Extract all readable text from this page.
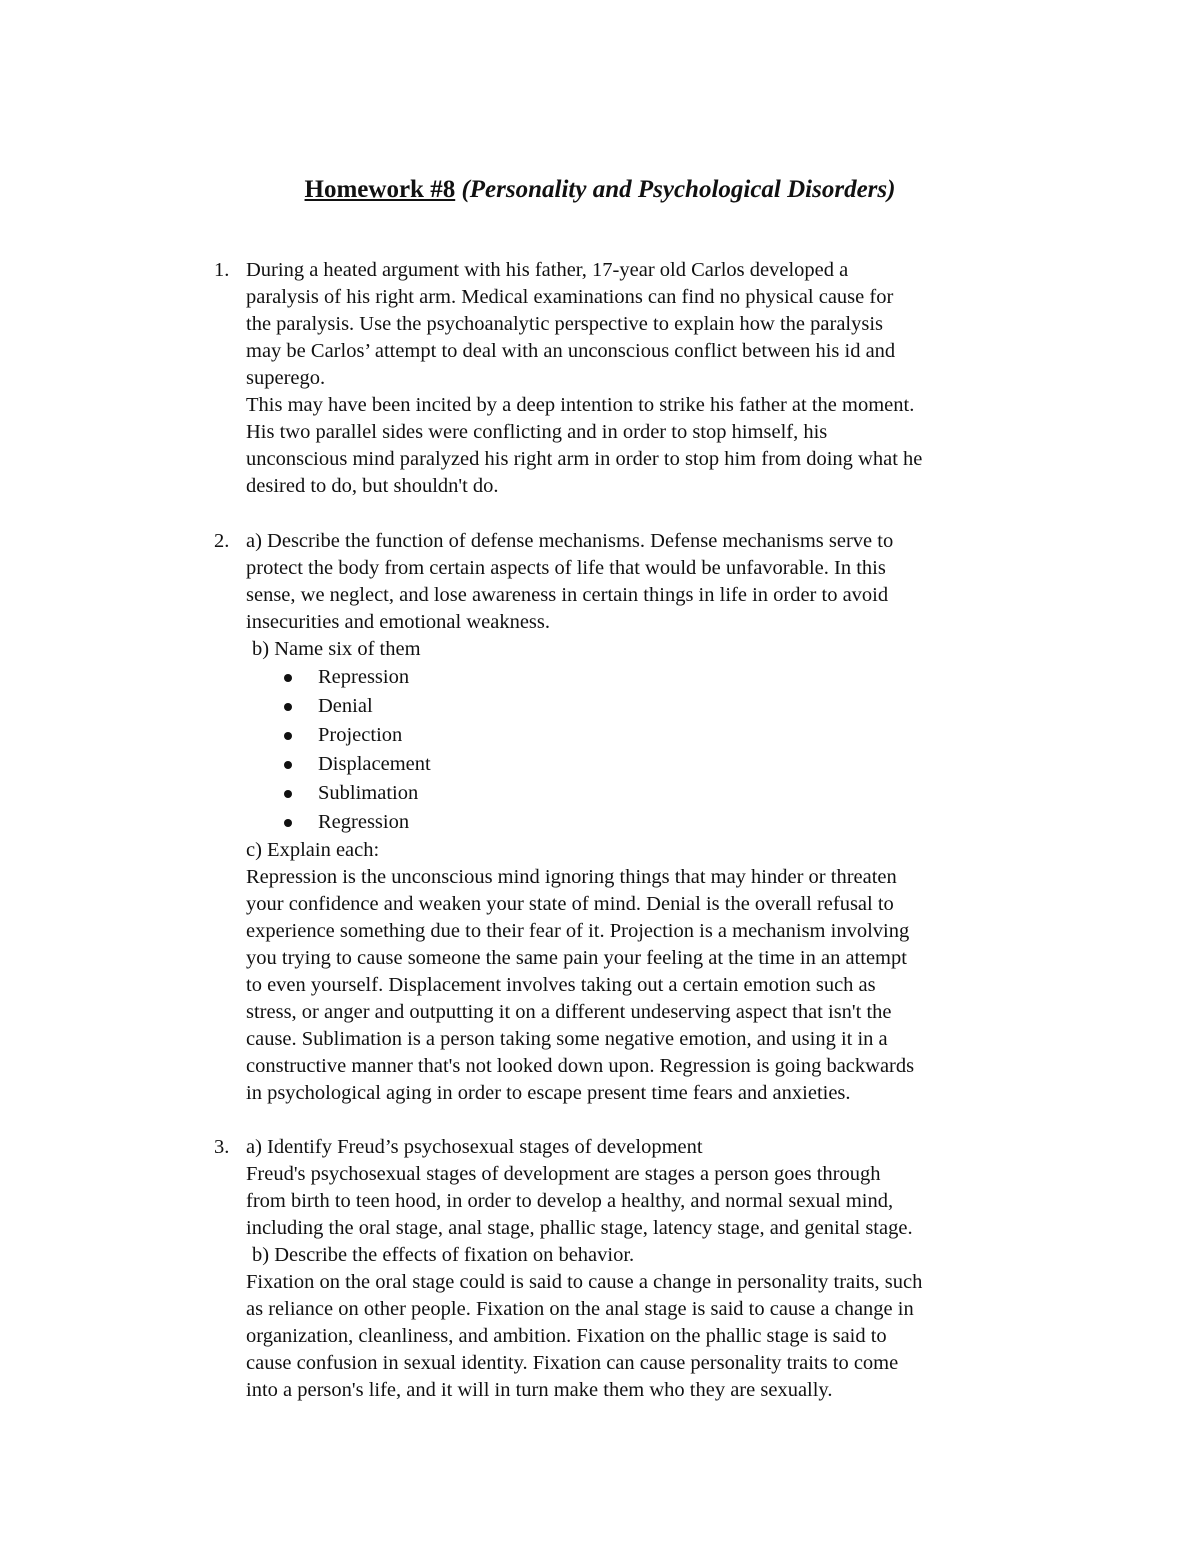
Homework #8 (Personality and Psychological Disorders)
1. During a heated argument with his father, 17-year old Carlos developed a
paralysis of his right arm. Medical examinations can find no physical cause for
the paralysis. Use the psychoanalytic perspective to explain how the paralysis
may be Carlos’ attempt to deal with an unconscious conflict between his id and
superego.
This may have been incited by a deep intention to strike his father at the moment.
His two parallel sides were conflicting and in order to stop himself, his
unconscious mind paralyzed his right arm in order to stop him from doing what he
desired to do, but shouldn't do.
2. a) Describe the function of defense mechanisms. Defense mechanisms serve to
protect the body from certain aspects of life that would be unfavorable. In this
sense, we neglect, and lose awareness in certain things in life in order to avoid
insecurities and emotional weakness.
b) Name six of them
Repression
Denial
Projection
Displacement
Sublimation
Regression
c) Explain each:
Repression is the unconscious mind ignoring things that may hinder or threaten
your confidence and weaken your state of mind. Denial is the overall refusal to
experience something due to their fear of it. Projection is a mechanism involving
you trying to cause someone the same pain your feeling at the time in an attempt
to even yourself. Displacement involves taking out a certain emotion such as
stress, or anger and outputting it on a different undeserving aspect that isn't the
cause. Sublimation is a person taking some negative emotion, and using it in a
constructive manner that's not looked down upon. Regression is going backwards
in psychological aging in order to escape present time fears and anxieties.
3. a) Identify Freud’s psychosexual stages of development
Freud's psychosexual stages of development are stages a person goes through
from birth to teen hood, in order to develop a healthy, and normal sexual mind,
including the oral stage, anal stage, phallic stage, latency stage, and genital stage.
b) Describe the effects of fixation on behavior.
Fixation on the oral stage could is said to cause a change in personality traits, such
as reliance on other people. Fixation on the anal stage is said to cause a change in
organization, cleanliness, and ambition. Fixation on the phallic stage is said to
cause confusion in sexual identity. Fixation can cause personality traits to come
into a person's life, and it will in turn make them who they are sexually.
